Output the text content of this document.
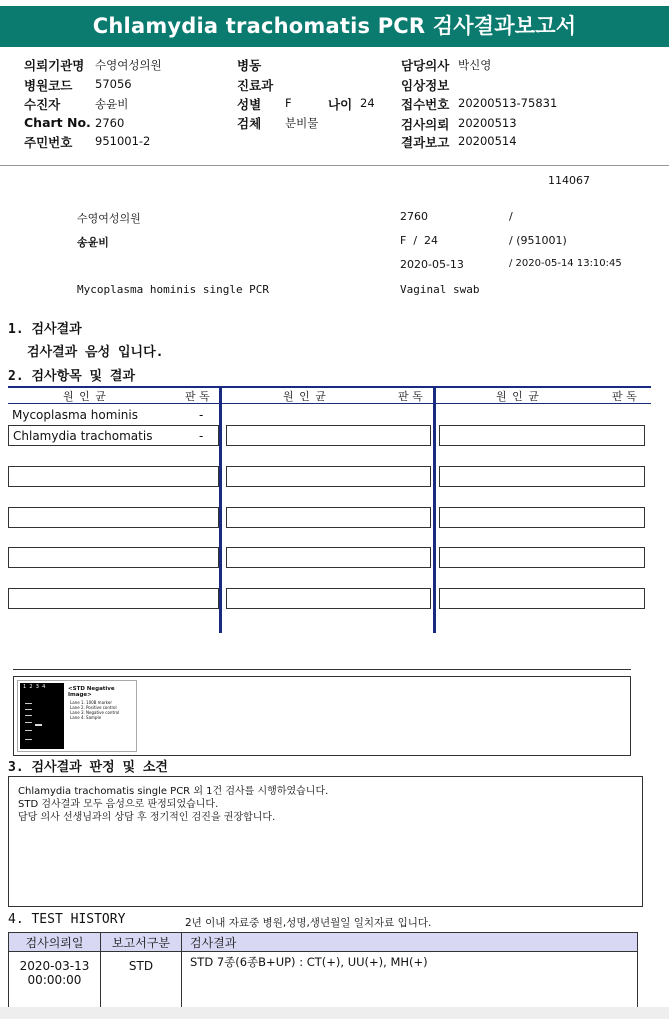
Chlamydia trachomatis PCR 검사결과보고서
의뢰기관명 수영여성의원
병원코드 57056
수진자	송윤비
Chart No. 2760
주민번호 951001-2
병동
진료과
성별 F	나이 24
검체 분비물
담당의사 박신영
임상정보
접수번호 20200513-75831
검사의뢰 20200513
결과보고 20200514
114067
수영여성의원	2760	/
송윤비	F  /  24	/ (951001)
2020-05-13	/ 2020-05-14 13:10:45
Mycoplasma hominis single PCR	Vaginal swab
1. 검사결과
검사결과 음성 입니다.
2. 검사항목 및 결과
원 인 균	판 독	원 인 균	판 독	원 인 균	판 독
Mycoplasma hominis	-
Chlamydia trachomatis	-
1  2  3  4	<STD Negative Image>
Lane 1. 100B marker
Lane 2. Positive control
Lane 3. Negative control
Lane 4. Sample
3. 검사결과 판정 및 소견
Chlamydia trachomatis single PCR 외 1건 검사를 시행하였습니다.
STD 검사결과 모두 음성으로 판정되었습니다.
담당 의사 선생님과의 상담 후 정기적인 검진을 권장합니다.
4. TEST HISTORY	2년 이내 자료중 병원,성명,생년월일 일치자료 입니다.
검사의뢰일	보고서구분	검사결과

2020-03-13
00:00:00	STD	STD 7종(6종B+UP) : CT(+), UU(+), MH(+)
